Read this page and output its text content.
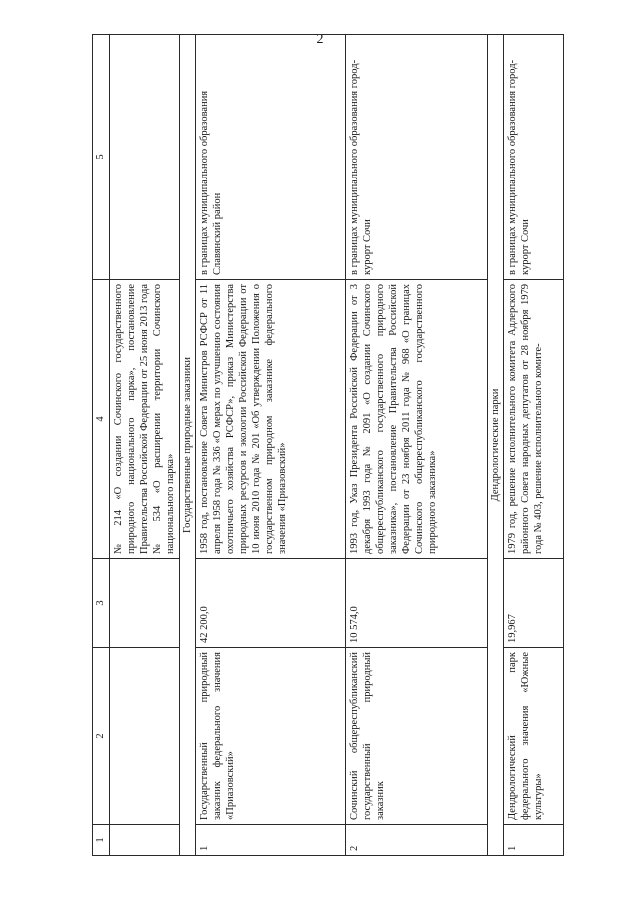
2
1	2	3	4	5
			№ 214 «О создании Сочинского государственного природного национального парка», постановление Правительства Российской Федерации от 25 июня 2013 года № 534 «О расширении территории Сочинского национального парка»	
Государственные природные заказники				
1	Государственный природный заказник федерального значения «Приазовский»	42 200,0	1958 год, постановление Совета Министров РСФСР от 11 апреля 1958 года № 336 «О мерах по улучшению состояния охотничьего хозяйства РСФСР», приказ Министерства природных ресурсов и экологии Российской Федерации от 10 июня 2010 года № 201 «Об утверждении Положения о государственном природном заказнике федерального значения «Приазовский»	в границах муниципального образования Славянский район
2	Сочинский общереспубликанский государственный природный заказник	10 574,0	1993 год, Указ Президента Российской Федерации от 3 декабря 1993 года № 2091 «О создании Сочинского общереспубликанского государственного природного заказника», постановление Правительства Российской Федерации от 23 ноября 2011 года № 968 «О границах Сочинского общереспубликанского государственного природного заказника»	в границах муниципального образования город-курорт Сочи
Дендрологические парки				
1	Дендрологический парк федерального значения «Южные культуры»	19,967	1979 год, решение исполнительного комитета Адлерского районного Совета народных депутатов от 28 ноября 1979 года № 403, решение исполнительного комите-	в границах муниципального образования город-курорт Сочи
